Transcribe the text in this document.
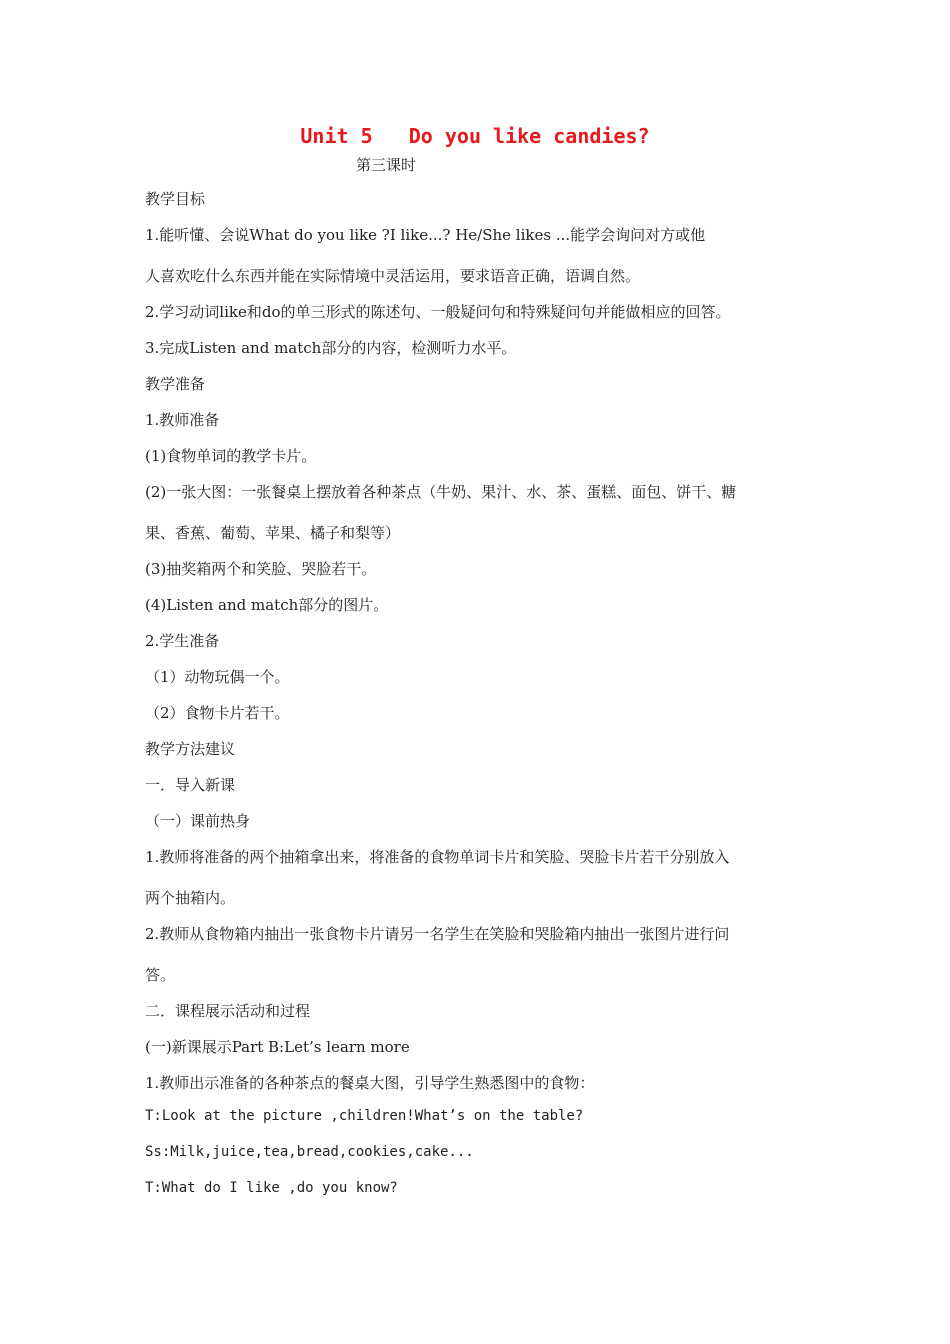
Unit 5   Do you like candies?
第三课时
教学目标
1.能听懂、会说What do you like ?I like...? He/She likes ...能学会询问对方或他
人喜欢吃什么东西并能在实际情境中灵活运用，要求语音正确，语调自然。
2.学习动词like和do的单三形式的陈述句、一般疑问句和特殊疑问句并能做相应的回答。
3.完成Listen and match部分的内容，检测听力水平。
教学准备
1.教师准备
(1)食物单词的教学卡片。
(2)一张大图：一张餐桌上摆放着各种茶点（牛奶、果汁、水、茶、蛋糕、面包、饼干、糖
果、香蕉、葡萄、苹果、橘子和梨等）
(3)抽奖箱两个和笑脸、哭脸若干。
(4)Listen and match部分的图片。
2.学生准备
（1）动物玩偶一个。
（2）食物卡片若干。
教学方法建议
一．导入新课
（一）课前热身
1.教师将准备的两个抽箱拿出来，将准备的食物单词卡片和笑脸、哭脸卡片若干分别放入
两个抽箱内。
2.教师从食物箱内抽出一张食物卡片请另一名学生在笑脸和哭脸箱内抽出一张图片进行问
答。
二．课程展示活动和过程
(一)新课展示Part B:Let’s learn more
1.教师出示准备的各种茶点的餐桌大图，引导学生熟悉图中的食物：
T:Look at the picture ,children!What’s on the table?
Ss:Milk,juice,tea,bread,cookies,cake...
T:What do I like ,do you know?
